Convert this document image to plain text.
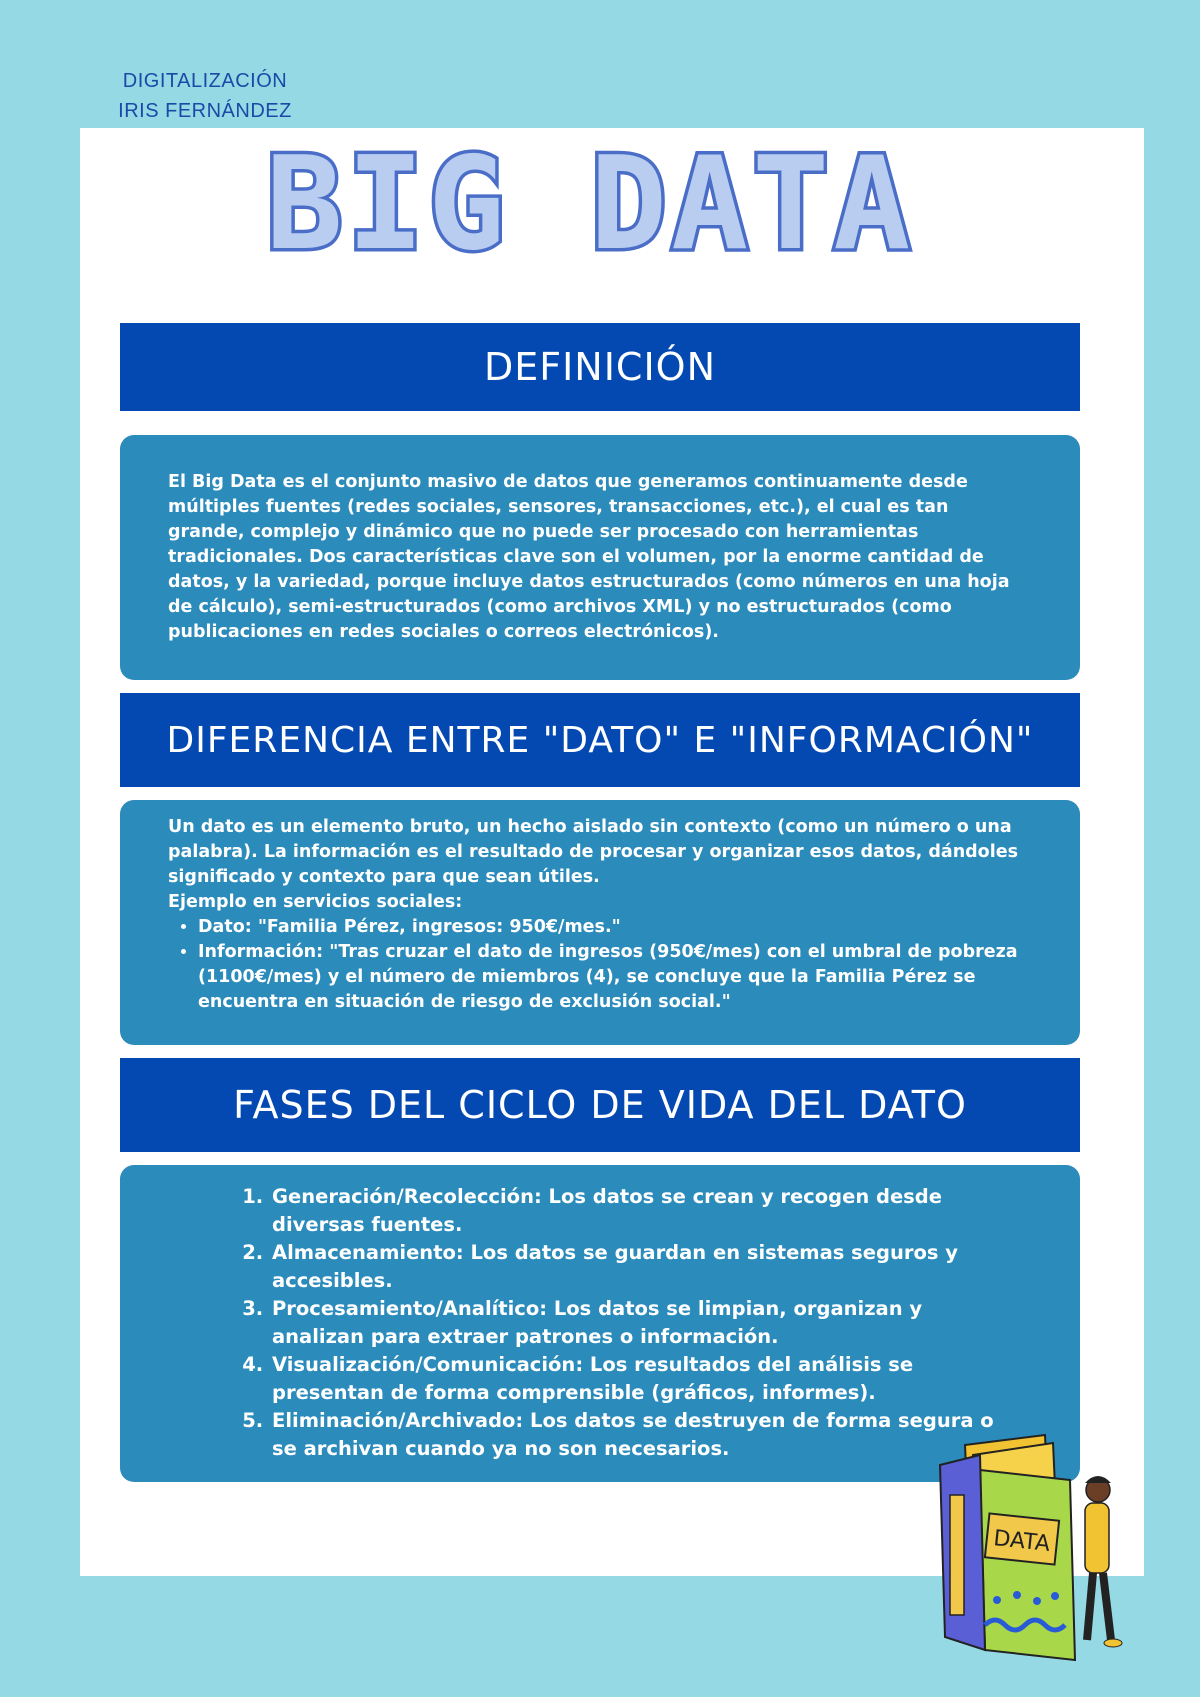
DIGITALIZACIÓN
IRIS FERNÁNDEZ
BIG DATA
DEFINICIÓN

El Big Data es el conjunto masivo de datos que generamos continuamente desde múltiples fuentes (redes sociales, sensores, transacciones, etc.), el cual es tan grande, complejo y dinámico que no puede ser procesado con herramientas tradicionales. Dos características clave son el volumen, por la enorme cantidad de datos, y la variedad, porque incluye datos estructurados (como números en una hoja de cálculo), semi-estructurados (como archivos XML) y no estructurados (como publicaciones en redes sociales o correos electrónicos).

DIFERENCIA ENTRE "DATO" E "INFORMACIÓN"

Un dato es un elemento bruto, un hecho aislado sin contexto (como un número o una palabra). La información es el resultado de procesar y organizar esos datos, dándoles significado y contexto para que sean útiles.

Ejemplo en servicios sociales:

• Dato: "Familia Pérez, ingresos: 950€/mes."
• Información: "Tras cruzar el dato de ingresos (950€/mes) con el umbral de pobreza (1100€/mes) y el número de miembros (4), se concluye que la Familia Pérez se encuentra en situación de riesgo de exclusión social."
FASES DEL CICLO DE VIDA DEL DATO
1. Generación/Recolección: Los datos se crean y recogen desde diversas fuentes.
2. Almacenamiento: Los datos se guardan en sistemas seguros y accesibles.
3. Procesamiento/Analítico: Los datos se limpian, organizan y analizan para extraer patrones o información.
4. Visualización/Comunicación: Los resultados del análisis se presentan de forma comprensible (gráficos, informes).
5. Eliminación/Archivado: Los datos se destruyen de forma segura o se archivan cuando ya no son necesarios.
DATA
